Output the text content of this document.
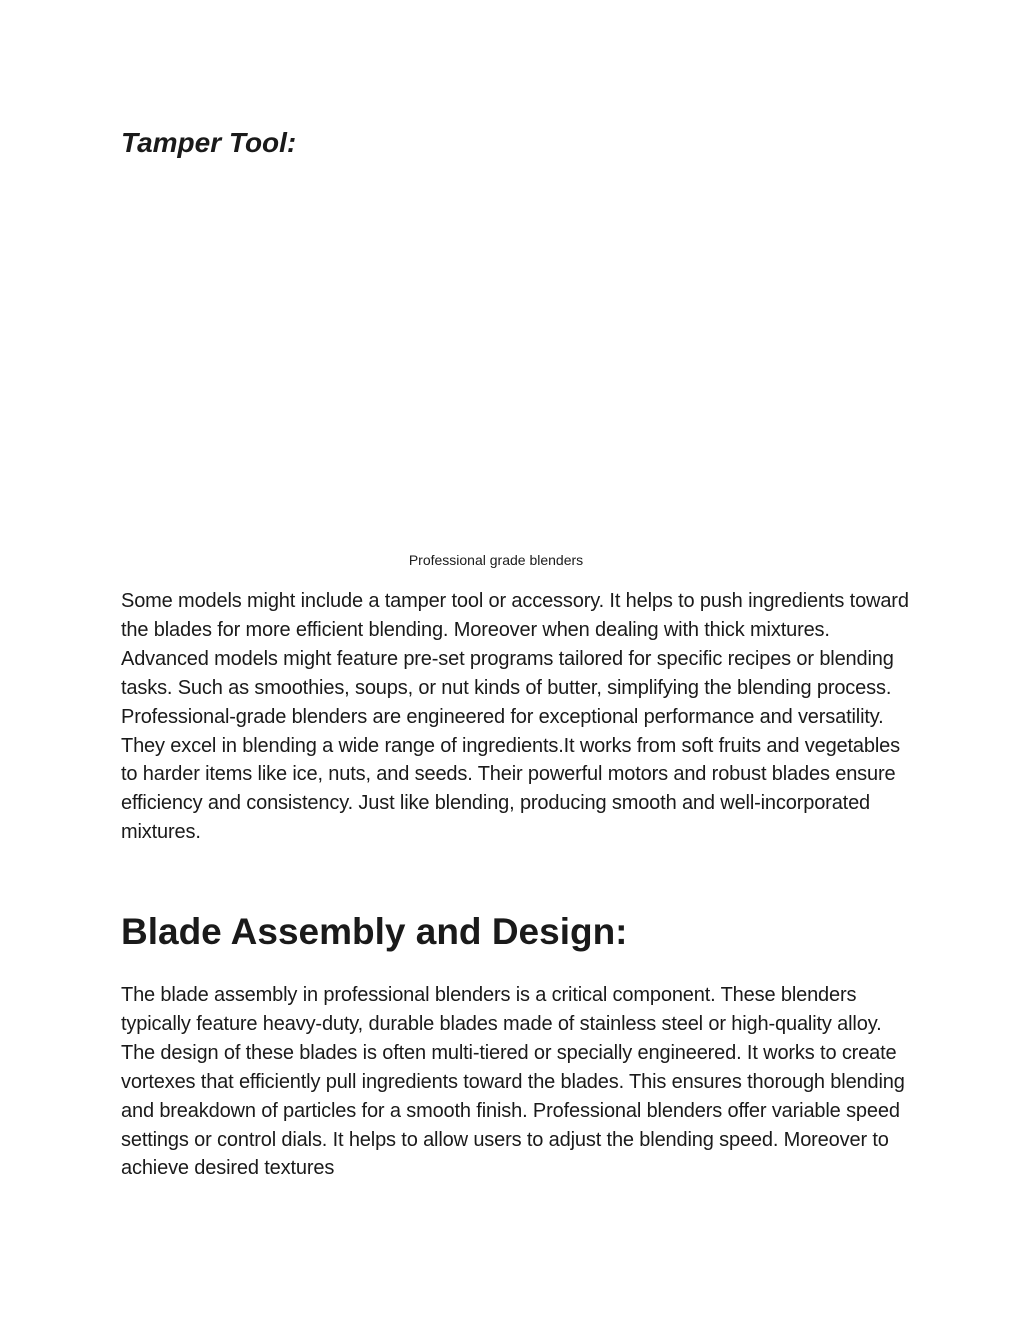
Tamper Tool:

Professional grade blenders

Some models might include a tamper tool or accessory. It helps to push ingredients toward the blades for more efficient blending. Moreover when dealing with thick mixtures. Advanced models might feature pre-set programs tailored for specific recipes or blending tasks. Such as smoothies, soups, or nut kinds of butter, simplifying the blending process. Professional-grade blenders are engineered for exceptional performance and versatility. They excel in blending a wide range of ingredients.It works from soft fruits and vegetables to harder items like ice, nuts, and seeds. Their powerful motors and robust blades ensure efficiency and consistency. Just like blending, producing smooth and well-incorporated mixtures.

Blade Assembly and Design:

The blade assembly in professional blenders is a critical component. These blenders typically feature heavy-duty, durable blades made of stainless steel or high-quality alloy. The design of these blades is often multi-tiered or specially engineered. It works to create vortexes that efficiently pull ingredients toward the blades. This ensures thorough blending and breakdown of particles for a smooth finish. Professional blenders offer variable speed settings or control dials. It helps to allow users to adjust the blending speed. Moreover to achieve desired textures
